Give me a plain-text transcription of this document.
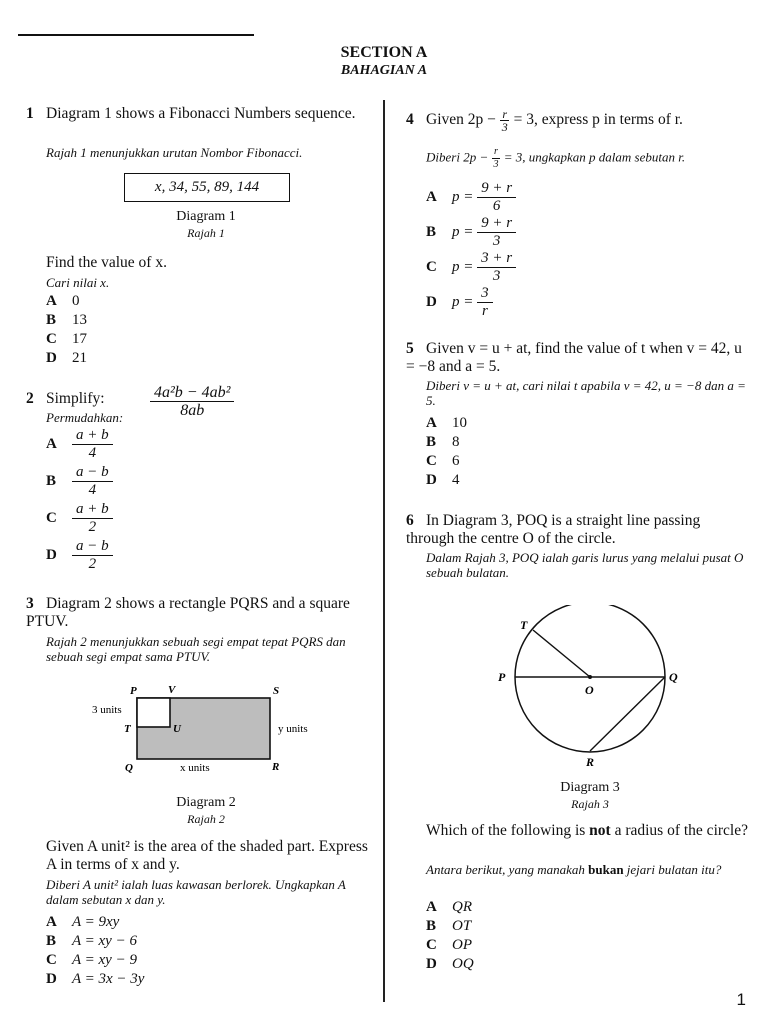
SECTION A
BAHAGIAN A
1 Diagram 1 shows a Fibonacci Numbers sequence.
Rajah 1 menunjukkan urutan Nombor Fibonacci.
x, 34, 55, 89, 144
Diagram 1
Rajah 1
Find the value of x.
Cari nilai x.
A 0
B 13
C 17
D 21
2 Simplify:
Permudahkan: $\frac{\text{4a²b − 4ab²}}{8ab}$
A $\frac{a + b}{4}$
B $\frac{a - b}{4}$
C $\frac{a + b}{2}$
D $\frac{a - b}{2}$
3 Diagram 2 shows a rectangle PQRS and a square PTUV.
Rajah 2 menunjukkan sebuah segi empat tepat PQRS dan sebuah segi empat sama PTUV.
P	V	S
T	U
Q	R
3 units
y units
x units
Diagram 2
Rajah 2
Given A unit² is the area of the shaded part. Express A in terms of x and y.
Diberi A unit² ialah luas kawasan berlorek. Ungkapkan A dalam sebutan x dan y.
A A = 9xy
B A = xy − 6
C A = xy − 9
D A = 3x − 3y
4 Given $2p - \frac{r}{3} = 3$, express p in terms of r.
Diberi $2p - \frac{r}{3} = 3$, ungkapkan p dalam sebutan r.
A $p = \frac{9 + r}{6}$
B $p = \frac{9 + r}{3}$
C $p = \frac{3 + r}{3}$
D $p = \frac{3}{r}$
5 Given v = u + at, find the value of t when v = 42, u = −8 and a = 5.
Diberi v = u + at, cari nilai t apabila v = 42, u = −8 dan a = 5.
A 10
B 8
C 6
D 4
6 In Diagram 3, POQ is a straight line passing through the centre O of the circle.
Dalam Rajah 3, POQ ialah garis lurus yang melalui pusat O sebuah bulatan.
T
P
O
Q
R
Diagram 3
Rajah 3
Which of the following is not a radius of the circle?
Antara berikut, yang manakah bukan jejari bulatan itu?
A QR
B OT
C OP
D OQ
1
